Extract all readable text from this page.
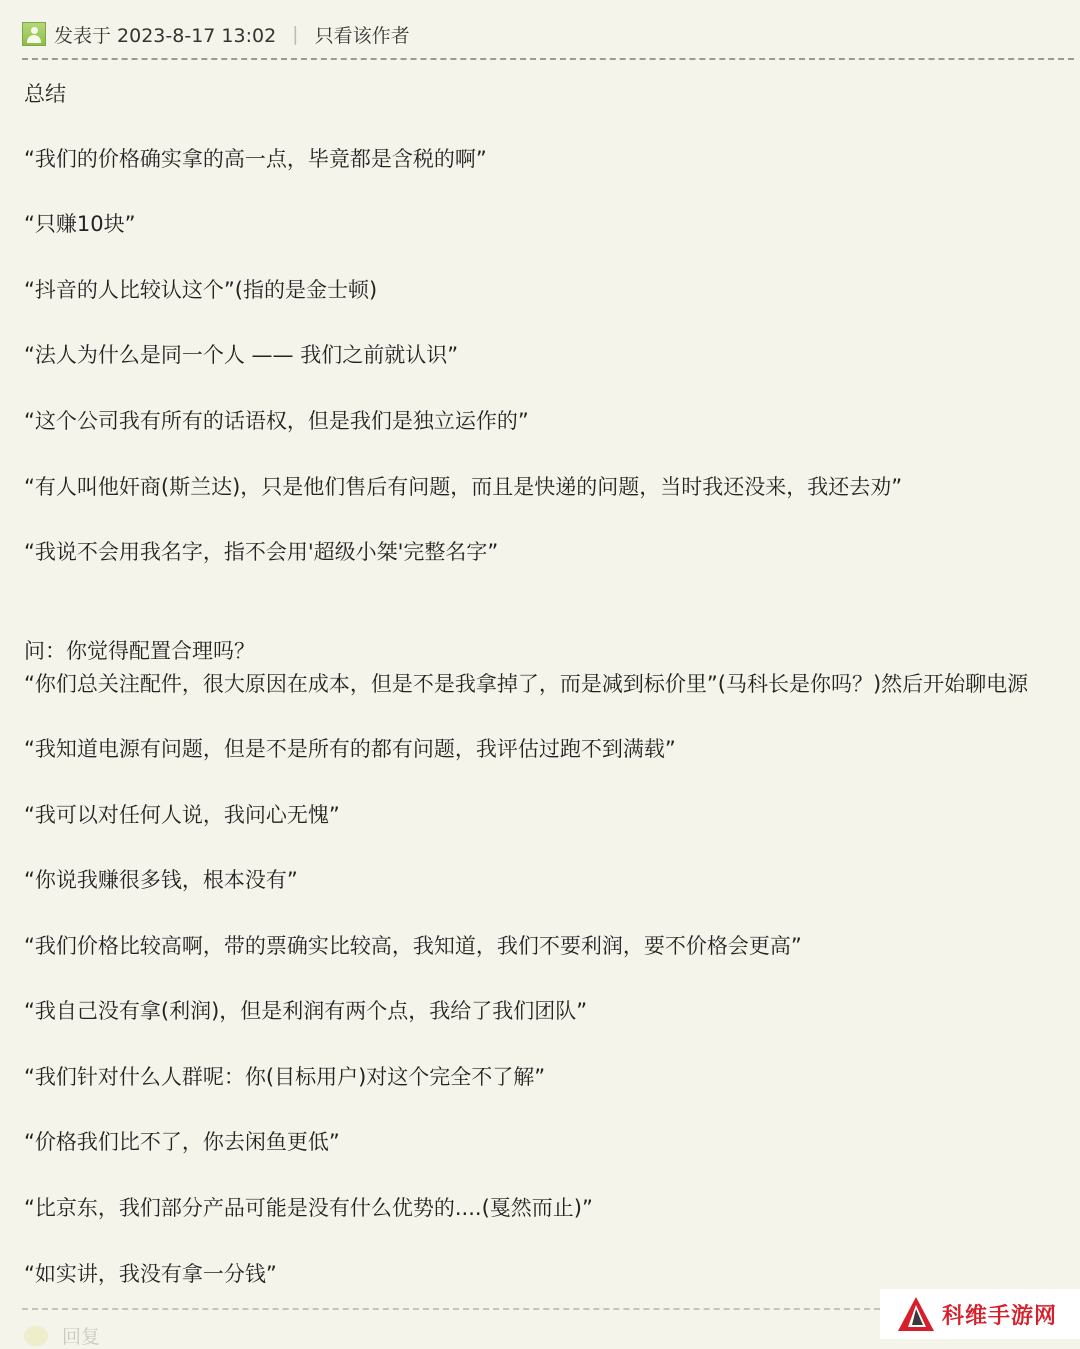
发表于 2023-8-17 13:02 | 只看该作者
总结
“我们的价格确实拿的高一点，毕竟都是含税的啊”
“只赚10块”
“抖音的人比较认这个”(指的是金士顿)
“法人为什么是同一个人 —— 我们之前就认识”
“这个公司我有所有的话语权，但是我们是独立运作的”
“有人叫他奸商(斯兰达)，只是他们售后有问题，而且是快递的问题，当时我还没来，我还去劝”
“我说不会用我名字，指不会用'超级小桀'完整名字”
问：你觉得配置合理吗？
“你们总关注配件，很大原因在成本，但是不是我拿掉了，而是减到标价里”(马科长是你吗？)然后开始聊电源
“我知道电源有问题，但是不是所有的都有问题，我评估过跑不到满载”
“我可以对任何人说，我问心无愧”
“你说我赚很多钱，根本没有”
“我们价格比较高啊，带的票确实比较高，我知道，我们不要利润，要不价格会更高”
“我自己没有拿(利润)，但是利润有两个点，我给了我们团队”
“我们针对什么人群呢：你(目标用户)对这个完全不了解”
“价格我们比不了，你去闲鱼更低”
“比京东，我们部分产品可能是没有什么优势的....(戛然而止)”
“如实讲，我没有拿一分钱”
回复
科维手游网
